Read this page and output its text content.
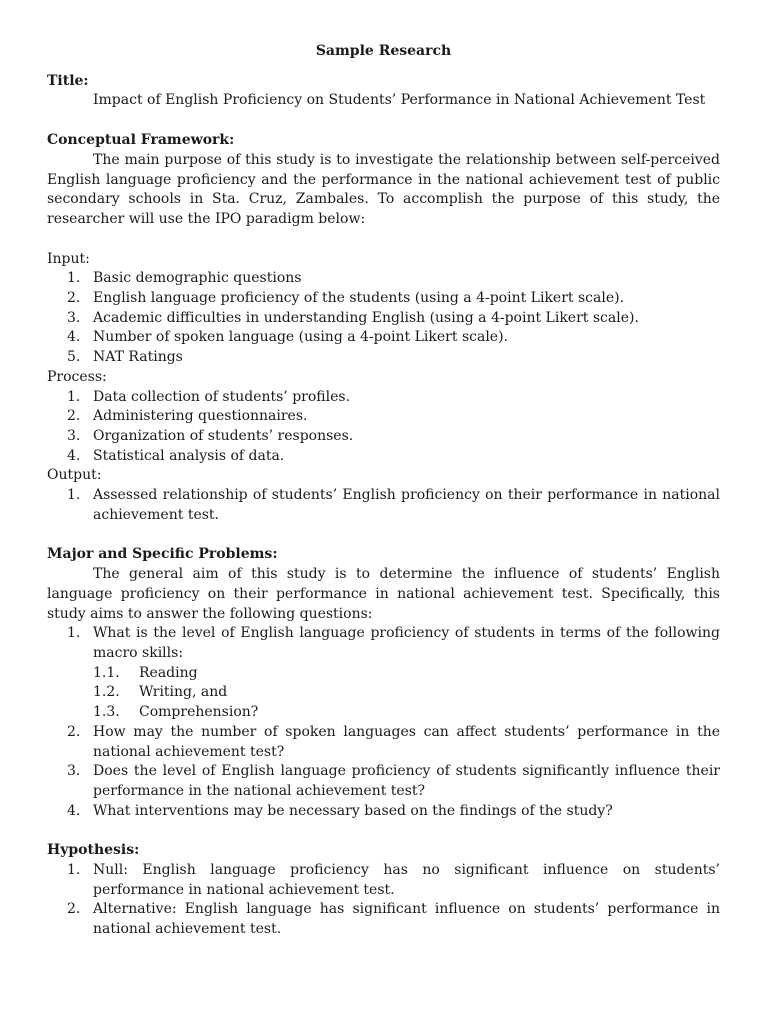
Sample Research

Title:

Impact of English Proficiency on Students’ Performance in National Achievement Test

Conceptual Framework:

The main purpose of this study is to investigate the relationship between self-perceived English language proficiency and the performance in the national achievement test of public secondary schools in Sta. Cruz, Zambales. To accomplish the purpose of this study, the researcher will use the IPO paradigm below:

Input:

1. Basic demographic questions
2. English language proficiency of the students (using a 4-point Likert scale).
3. Academic difficulties in understanding English (using a 4-point Likert scale).
4. Number of spoken language (using a 4-point Likert scale).
5. NAT Ratings

Process:

1. Data collection of students’ profiles.
2. Administering questionnaires.
3. Organization of students’ responses.
4. Statistical analysis of data.

Output:

1. Assessed relationship of students’ English proficiency on their performance in national achievement test.

Major and Specific Problems:

The general aim of this study is to determine the influence of students’ English language proficiency on their performance in national achievement test. Specifically, this study aims to answer the following questions:

1. What is the level of English language proficiency of students in terms of the following macro skills:
1.1.	Reading
1.2.	Writing, and
1.3.	Comprehension?
2. How may the number of spoken languages can affect students’ performance in the national achievement test?
3. Does the level of English language proficiency of students significantly influence their performance in the national achievement test?
4. What interventions may be necessary based on the findings of the study?

Hypothesis:

1. Null: English language proficiency has no significant influence on students’ performance in national achievement test.
2. Alternative: English language has significant influence on students’ performance in national achievement test.
